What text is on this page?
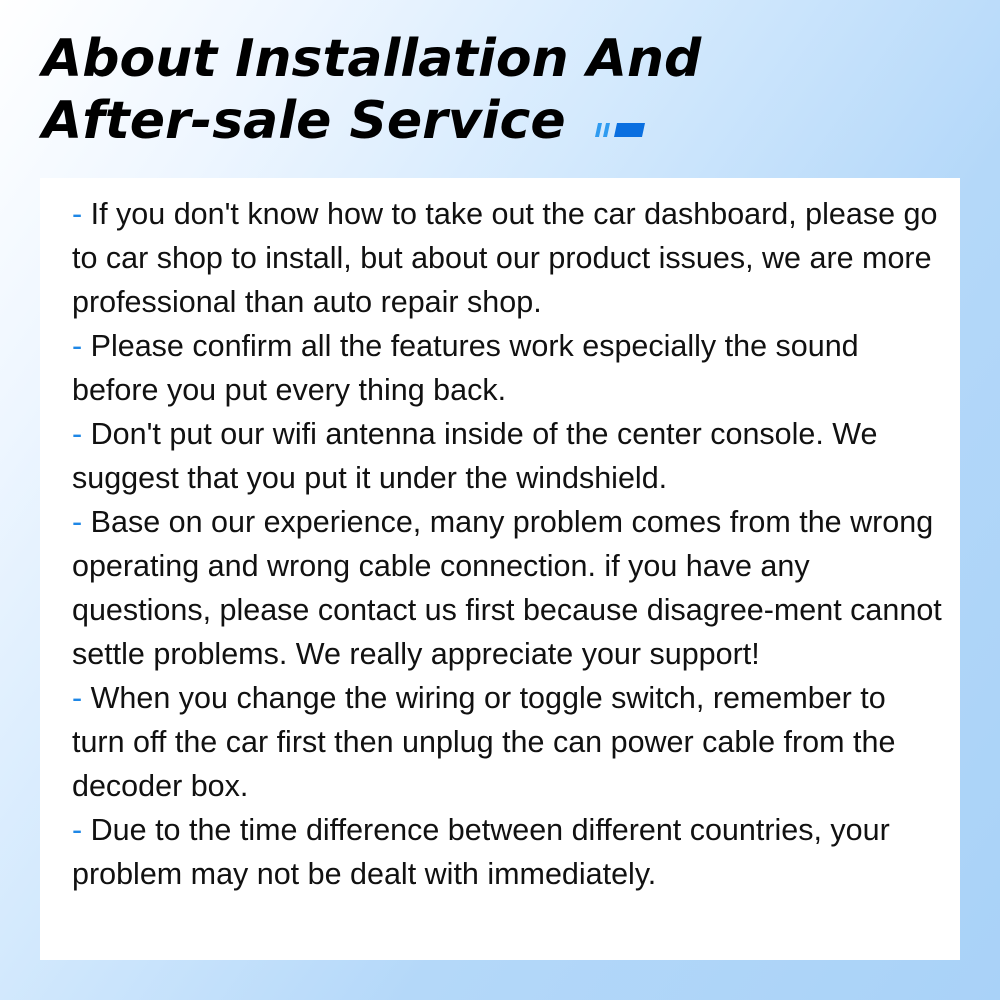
About Installation And
After-sale Service
- If you don't know how to take out the car dashboard, please go to car shop to install, but about our product issues, we are more professional than auto repair shop.
- Please confirm all the features work especially the sound before you put every thing back.
- Don't put our wifi antenna inside of the center console. We suggest that you put it under the windshield.
- Base on our experience, many problem comes from the wrong operating and wrong cable connection. if you have any questions, please contact us first because disagree-ment cannot settle problems. We really appreciate your support!
- When you change the wiring or toggle switch, remember to turn off the car first then unplug the can power cable from the decoder box.
- Due to the time difference between different countries, your problem may not be dealt with immediately.
